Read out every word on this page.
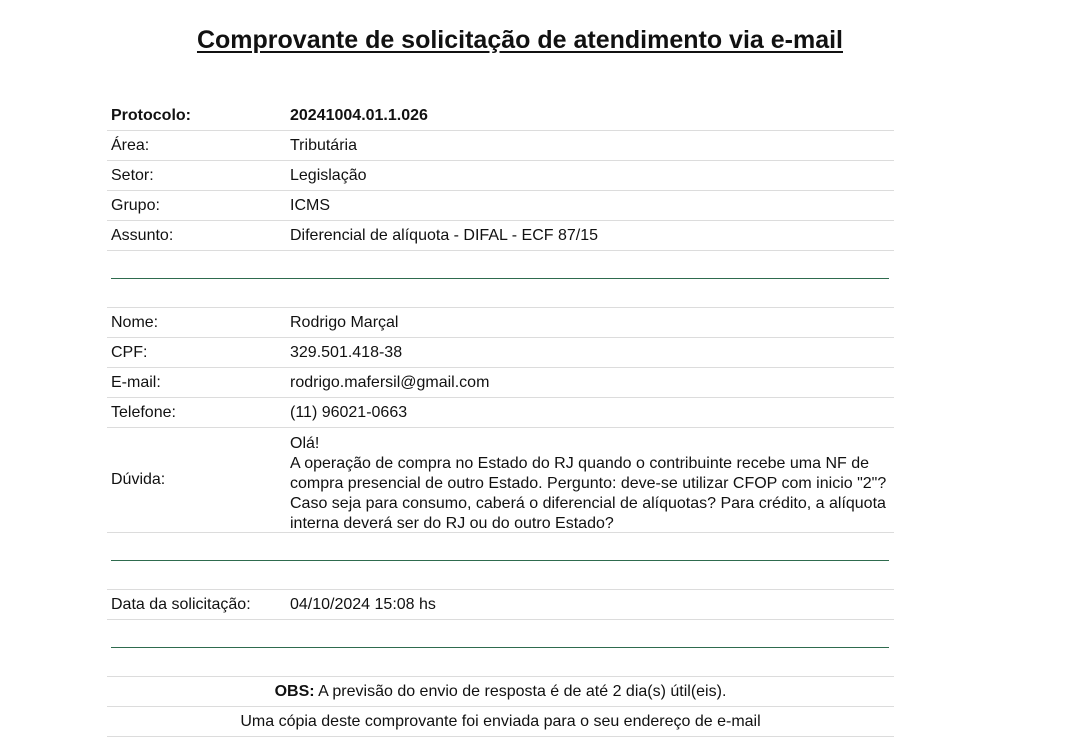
Comprovante de solicitação de atendimento via e-mail
Protocolo:	20241004.01.1.026
Área:	Tributária
Setor:	Legislação
Grupo:	ICMS
Assunto:	Diferencial de alíquota - DIFAL - ECF 87/15
Nome:	Rodrigo Marçal
CPF:	329.501.418-38
E-mail:	rodrigo.mafersil@gmail.com
Telefone:	(11) 96021-0663
Dúvida:
Olá!
A operação de compra no Estado do RJ quando o contribuinte recebe uma NF de compra presencial de outro Estado. Pergunto: deve-se utilizar CFOP com inicio "2"? Caso seja para consumo, caberá o diferencial de alíquotas? Para crédito, a alíquota interna deverá ser do RJ ou do outro Estado?
Data da solicitação: 04/10/2024 15:08 hs
OBS: A previsão do envio de resposta é de até 2 dia(s) útil(eis).
Uma cópia deste comprovante foi enviada para o seu endereço de e-mail
